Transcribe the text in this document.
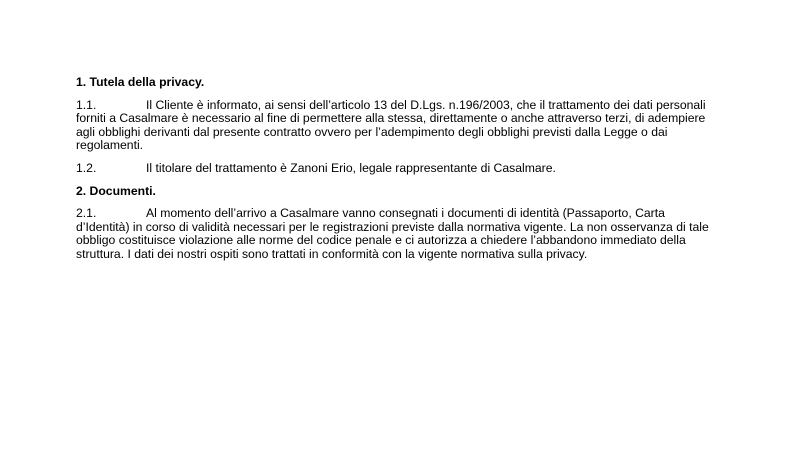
1. Tutela della privacy.

1.1.	Il Cliente è informato, ai sensi dell’articolo 13 del D.Lgs. n.196/2003, che il trattamento dei dati personali forniti a Casalmare è necessario al fine di permettere alla stessa, direttamente o anche attraverso terzi, di adempiere agli obblighi derivanti dal presente contratto ovvero per l’adempimento degli obblighi previsti dalla Legge o dai regolamenti.

1.2.	Il titolare del trattamento è Zanoni Erio, legale rappresentante di Casalmare.

2. Documenti.

2.1.	Al momento dell’arrivo a Casalmare vanno consegnati i documenti di identità (Passaporto, Carta d’Identità) in corso di validità necessari per le registrazioni previste dalla normativa vigente. La non osservanza di tale obbligo costituisce violazione alle norme del codice penale e ci autorizza a chiedere l’abbandono immediato della struttura. I dati dei nostri ospiti sono trattati in conformità con la vigente normativa sulla privacy.
